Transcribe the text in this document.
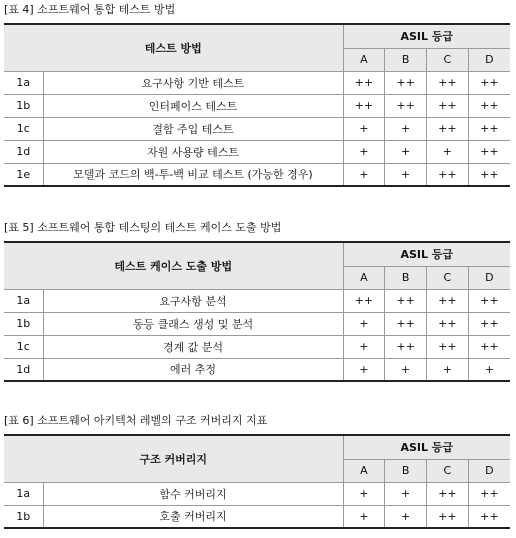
[표 4] 소프트웨어 통합 테스트 방법
테스트 방법		ASIL 등급			
		A	B	C	D
1a	요구사항 기반 테스트	++	++	++	++
1b	인터페이스 테스트	++	++	++	++
1c	결함 주입 테스트	+	+	++	++
1d	자원 사용량 테스트	+	+	+	++
1e	모델과 코드의 백-투-백 비교 테스트 (가능한 경우)	+	+	++	++
[표 5] 소프트웨어 통합 테스팅의 테스트 케이스 도출 방법
테스트 케이스 도출 방법		ASIL 등급			
		A	B	C	D
1a	요구사항 분석	++	++	++	++
1b	동등 클래스 생성 및 분석	+	++	++	++
1c	경계 값 분석	+	++	++	++
1d	에러 추정	+	+	+	+
[표 6] 소프트웨어 아키텍처 레벨의 구조 커버리지 지표
구조 커버리지		ASIL 등급			
		A	B	C	D
1a	함수 커버리지	+	+	++	++
1b	호출 커버리지	+	+	++	++
